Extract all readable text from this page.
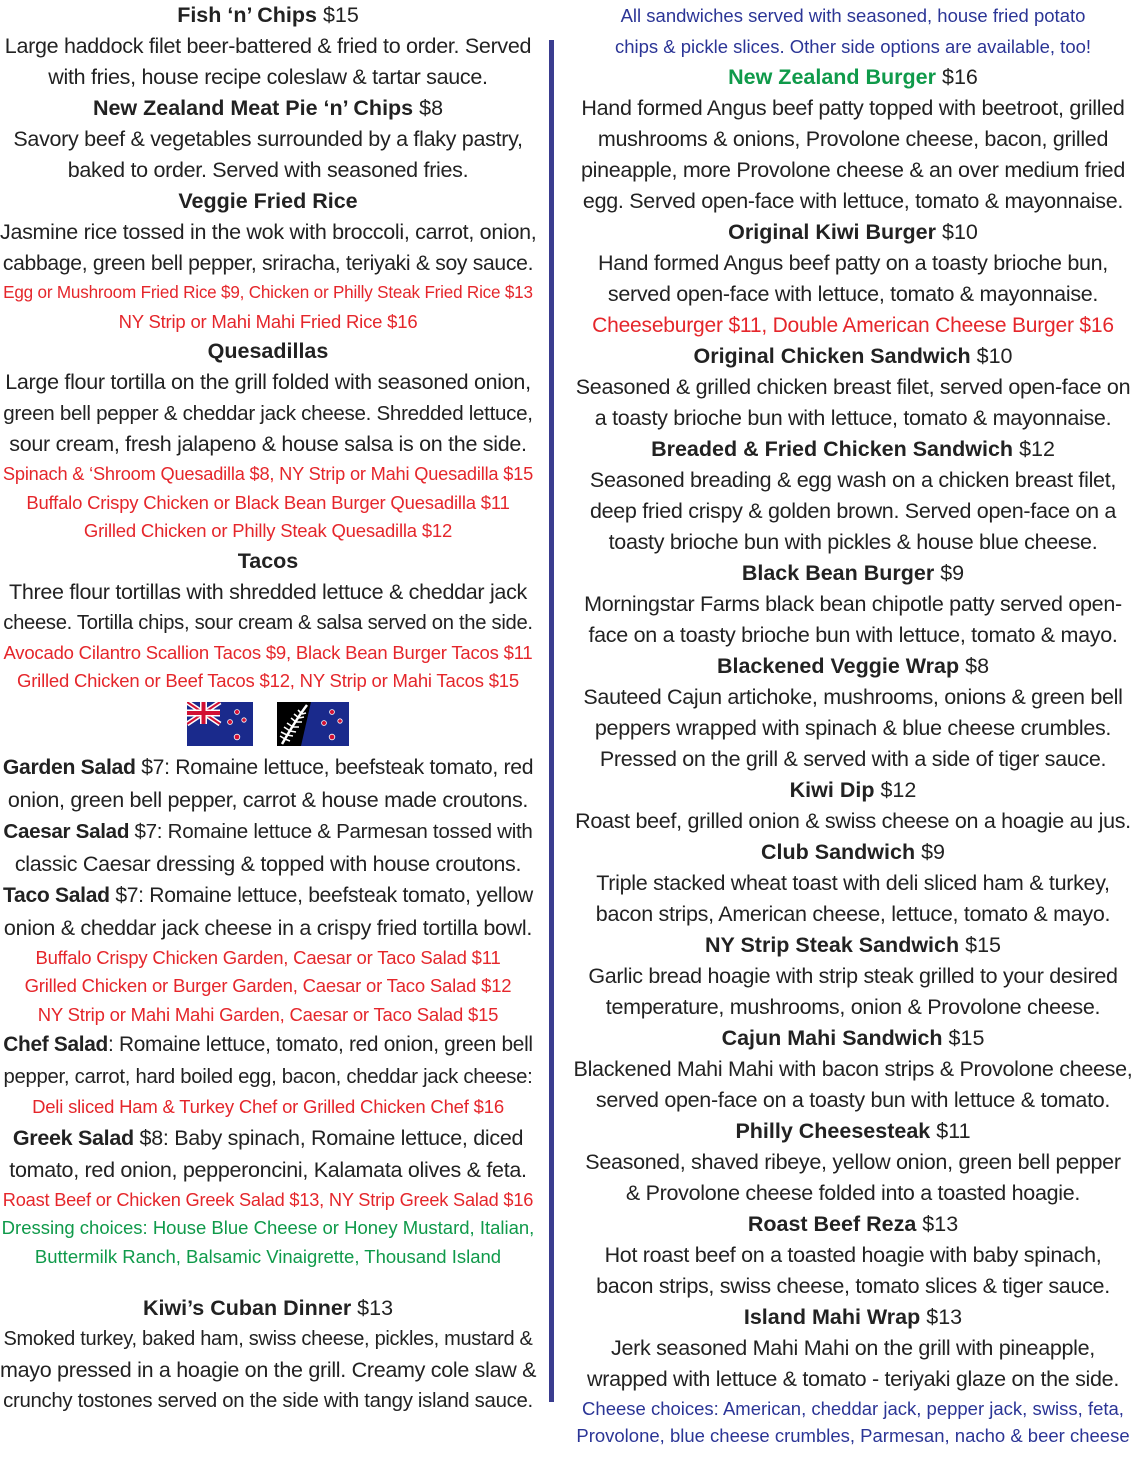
Fish ‘n’ Chips $15
Large haddock filet beer-battered & fried to order. Served
with fries, house recipe coleslaw & tartar sauce.
New Zealand Meat Pie ‘n’ Chips $8
Savory beef & vegetables surrounded by a flaky pastry,
baked to order. Served with seasoned fries.
Veggie Fried Rice
Jasmine rice tossed in the wok with broccoli, carrot, onion,
cabbage, green bell pepper, sriracha, teriyaki & soy sauce.
Egg or Mushroom Fried Rice $9, Chicken or Philly Steak Fried Rice $13
NY Strip or Mahi Mahi Fried Rice $16
Quesadillas
Large flour tortilla on the grill folded with seasoned onion,
green bell pepper & cheddar jack cheese. Shredded lettuce,
sour cream, fresh jalapeno & house salsa is on the side.
Spinach & ‘Shroom Quesadilla $8, NY Strip or Mahi Quesadilla $15
Buffalo Crispy Chicken or Black Bean Burger Quesadilla $11
Grilled Chicken or Philly Steak Quesadilla $12
Tacos
Three flour tortillas with shredded lettuce & cheddar jack
cheese. Tortilla chips, sour cream & salsa served on the side.
Avocado Cilantro Scallion Tacos $9, Black Bean Burger Tacos $11
Grilled Chicken or Beef Tacos $12, NY Strip or Mahi Tacos $15
Garden Salad $7: Romaine lettuce, beefsteak tomato, red
onion, green bell pepper, carrot & house made croutons.
Caesar Salad $7: Romaine lettuce & Parmesan tossed with
classic Caesar dressing & topped with house croutons.
Taco Salad $7: Romaine lettuce, beefsteak tomato, yellow
onion & cheddar jack cheese in a crispy fried tortilla bowl.
Buffalo Crispy Chicken Garden, Caesar or Taco Salad $11
Grilled Chicken or Burger Garden, Caesar or Taco Salad $12
NY Strip or Mahi Mahi Garden, Caesar or Taco Salad $15
Chef Salad: Romaine lettuce, tomato, red onion, green bell
pepper, carrot, hard boiled egg, bacon, cheddar jack cheese:
Deli sliced Ham & Turkey Chef or Grilled Chicken Chef $16
Greek Salad $8: Baby spinach, Romaine lettuce, diced
tomato, red onion, pepperoncini, Kalamata olives & feta.
Roast Beef or Chicken Greek Salad $13, NY Strip Greek Salad $16
Dressing choices: House Blue Cheese or Honey Mustard, Italian,
Buttermilk Ranch, Balsamic Vinaigrette, Thousand Island
Kiwi’s Cuban Dinner $13
Smoked turkey, baked ham, swiss cheese, pickles, mustard &
mayo pressed in a hoagie on the grill. Creamy cole slaw &
crunchy tostones served on the side with tangy island sauce.
All sandwiches served with seasoned, house fried potato
chips & pickle slices. Other side options are available, too!
New Zealand Burger $16
Hand formed Angus beef patty topped with beetroot, grilled
mushrooms & onions, Provolone cheese, bacon, grilled
pineapple, more Provolone cheese & an over medium fried
egg. Served open-face with lettuce, tomato & mayonnaise.
Original Kiwi Burger $10
Hand formed Angus beef patty on a toasty brioche bun,
served open-face with lettuce, tomato & mayonnaise.
Cheeseburger $11, Double American Cheese Burger $16
Original Chicken Sandwich $10
Seasoned & grilled chicken breast filet, served open-face on
a toasty brioche bun with lettuce, tomato & mayonnaise.
Breaded & Fried Chicken Sandwich $12
Seasoned breading & egg wash on a chicken breast filet,
deep fried crispy & golden brown. Served open-face on a
toasty brioche bun with pickles & house blue cheese.
Black Bean Burger $9
Morningstar Farms black bean chipotle patty served open-
face on a toasty brioche bun with lettuce, tomato & mayo.
Blackened Veggie Wrap $8
Sauteed Cajun artichoke, mushrooms, onions & green bell
peppers wrapped with spinach & blue cheese crumbles.
Pressed on the grill & served with a side of tiger sauce.
Kiwi Dip $12
Roast beef, grilled onion & swiss cheese on a hoagie au jus.
Club Sandwich $9
Triple stacked wheat toast with deli sliced ham & turkey,
bacon strips, American cheese, lettuce, tomato & mayo.
NY Strip Steak Sandwich $15
Garlic bread hoagie with strip steak grilled to your desired
temperature, mushrooms, onion & Provolone cheese.
Cajun Mahi Sandwich $15
Blackened Mahi Mahi with bacon strips & Provolone cheese,
served open-face on a toasty bun with lettuce & tomato.
Philly Cheesesteak $11
Seasoned, shaved ribeye, yellow onion, green bell pepper
& Provolone cheese folded into a toasted hoagie.
Roast Beef Reza $13
Hot roast beef on a toasted hoagie with baby spinach,
bacon strips, swiss cheese, tomato slices & tiger sauce.
Island Mahi Wrap $13
Jerk seasoned Mahi Mahi on the grill with pineapple,
wrapped with lettuce & tomato - teriyaki glaze on the side.
Cheese choices: American, cheddar jack, pepper jack, swiss, feta,
Provolone, blue cheese crumbles, Parmesan, nacho & beer cheese
